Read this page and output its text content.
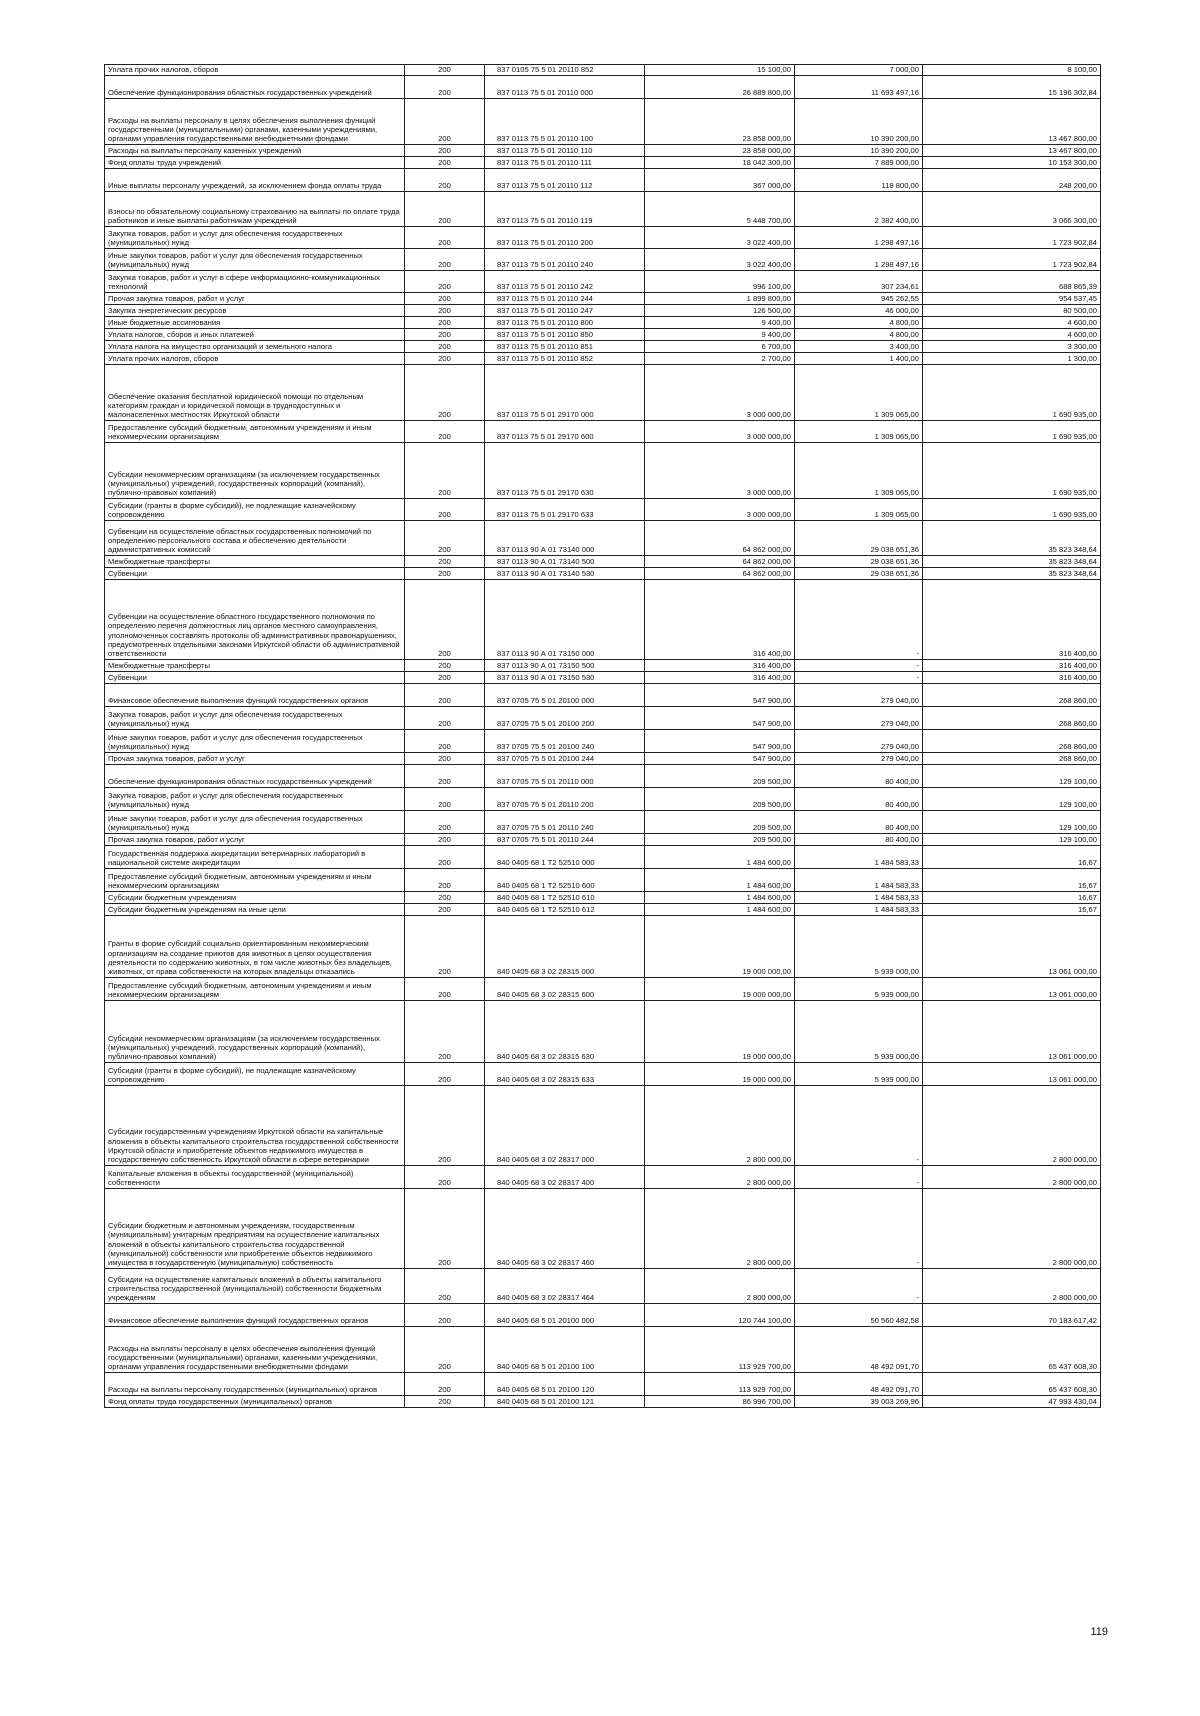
Уплата прочих налогов, сборов	200	837 0105 75 5 01 20110 852	15 100,00	7 000,00	8 100,00
Обеспечение функционирования областных государственных учреждений	200	837 0113 75 5 01 20110 000	26 889 800,00	11 693 497,16	15 196 302,84
Расходы на выплаты персоналу в целях обеспечения выполнения функций государственными (муниципальными) органами, казенными учреждениями, органами управления государственными внебюджетными фондами	200	837 0113 75 5 01 20110 100	23 858 000,00	10 390 200,00	13 467 800,00
Расходы на выплаты персоналу казенных учреждений	200	837 0113 75 5 01 20110 110	23 858 000,00	10 390 200,00	13 467 800,00
Фонд оплаты труда учреждений	200	837 0113 75 5 01 20110 111	18 042 300,00	7 889 000,00	10 153 300,00
Иные выплаты персоналу учреждений, за исключением фонда оплаты труда	200	837 0113 75 5 01 20110 112	367 000,00	118 800,00	248 200,00
Взносы по обязательному социальному страхованию на выплаты по оплате труда работников и иные выплаты работникам учреждений	200	837 0113 75 5 01 20110 119	5 448 700,00	2 382 400,00	3 066 300,00
Закупка товаров, работ и услуг для обеспечения государственных (муниципальных) нужд	200	837 0113 75 5 01 20110 200	3 022 400,00	1 298 497,16	1 723 902,84
Иные закупки товаров, работ и услуг для обеспечения государственных (муниципальных) нужд	200	837 0113 75 5 01 20110 240	3 022 400,00	1 298 497,16	1 723 902,84
Закупка товаров, работ и услуг в сфере информационно-коммуникационных технологий	200	837 0113 75 5 01 20110 242	996 100,00	307 234,61	688 865,39
Прочая закупка товаров, работ и услуг	200	837 0113 75 5 01 20110 244	1 899 800,00	945 262,55	954 537,45
Закупка энергетических ресурсов	200	837 0113 75 5 01 20110 247	126 500,00	46 000,00	80 500,00
Иные бюджетные ассигнования	200	837 0113 75 5 01 20110 800	9 400,00	4 800,00	4 600,00
Уплата налогов, сборов и иных платежей	200	837 0113 75 5 01 20110 850	9 400,00	4 800,00	4 600,00
Уплата налога на имущество организаций и земельного налога	200	837 0113 75 5 01 20110 851	6 700,00	3 400,00	3 300,00
Уплата прочих налогов, сборов	200	837 0113 75 5 01 20110 852	2 700,00	1 400,00	1 300,00
Обеспечение оказания бесплатной юридической помощи по отдельным категориям граждан и юридической помощи в труднодоступных и малонаселенных местностях Иркутской области	200	837 0113 75 5 01 29170 000	3 000 000,00	1 309 065,00	1 690 935,00
Предоставление субсидий бюджетным, автономным учреждениям и иным некоммерческим организациям	200	837 0113 75 5 01 29170 600	3 000 000,00	1 309 065,00	1 690 935,00
Субсидии некоммерческим организациям (за исключением государственных (муниципальных) учреждений, государственных корпораций (компаний), публично-правовых компаний)	200	837 0113 75 5 01 29170 630	3 000 000,00	1 309 065,00	1 690 935,00
Субсидии (гранты в форме субсидий), не подлежащие казначейскому сопровождению	200	837 0113 75 5 01 29170 633	3 000 000,00	1 309 065,00	1 690 935,00
Субвенции на осуществление областных государственных полномочий по определению персонального состава и обеспечению деятельности административных комиссий	200	837 0113 90 А 01 73140 000	64 862 000,00	29 038 651,36	35 823 348,64
Межбюджетные трансферты	200	837 0113 90 А 01 73140 500	64 862 000,00	29 038 651,36	35 823 348,64
Субвенции	200	837 0113 90 А 01 73140 530	64 862 000,00	29 038 651,36	35 823 348,64
Субвенции на осуществление областного государственного полномочия по определению перечня должностных лиц органов местного самоуправления, уполномоченных составлять протоколы об административных правонарушениях, предусмотренных отдельными законами Иркутской области об административной ответственности	200	837 0113 90 А 01 73150 000	316 400,00	-	316 400,00
Межбюджетные трансферты	200	837 0113 90 А 01 73150 500	316 400,00	-	316 400,00
Субвенции	200	837 0113 90 А 01 73150 530	316 400,00	-	316 400,00
Финансовое обеспечение выполнения функций государственных органов	200	837 0705 75 5 01 20100 000	547 900,00	279 040,00	268 860,00
Закупка товаров, работ и услуг для обеспечения государственных (муниципальных) нужд	200	837 0705 75 5 01 20100 200	547 900,00	279 040,00	268 860,00
Иные закупки товаров, работ и услуг для обеспечения государственных (муниципальных) нужд	200	837 0705 75 5 01 20100 240	547 900,00	279 040,00	268 860,00
Прочая закупка товаров, работ и услуг	200	837 0705 75 5 01 20100 244	547 900,00	279 040,00	268 860,00
Обеспечение функционирования областных государственных учреждений	200	837 0705 75 5 01 20110 000	209 500,00	80 400,00	129 100,00
Закупка товаров, работ и услуг для обеспечения государственных (муниципальных) нужд	200	837 0705 75 5 01 20110 200	209 500,00	80 400,00	129 100,00
Иные закупки товаров, работ и услуг для обеспечения государственных (муниципальных) нужд	200	837 0705 75 5 01 20110 240	209 500,00	80 400,00	129 100,00
Прочая закупка товаров, работ и услуг	200	837 0705 75 5 01 20110 244	209 500,00	80 400,00	129 100,00
Государственная поддержка аккредитации ветеринарных лабораторий в национальной системе аккредитации	200	840 0405 68 1 Т2 52510 000	1 484 600,00	1 484 583,33	16,67
Предоставление субсидий бюджетным, автономным учреждениям и иным некоммерческим организациям	200	840 0405 68 1 Т2 52510 600	1 484 600,00	1 484 583,33	16,67
Субсидии бюджетным учреждениям	200	840 0405 68 1 Т2 52510 610	1 484 600,00	1 484 583,33	16,67
Субсидии бюджетным учреждениям на иные цели	200	840 0405 68 1 Т2 52510 612	1 484 600,00	1 484 583,33	16,67
Гранты в форме субсидий социально ориентированным некоммерческим организациям на создание приютов для животных в целях осуществления деятельности по содержанию животных, в том числе животных без владельцев, животных, от права собственности на которых владельцы отказались	200	840 0405 68 3 02 28315 000	19 000 000,00	5 939 000,00	13 061 000,00
Предоставление субсидий бюджетным, автономным учреждениям и иным некоммерческим организациям	200	840 0405 68 3 02 28315 600	19 000 000,00	5 939 000,00	13 061 000,00
Субсидии некоммерческим организациям (за исключением государственных (муниципальных) учреждений, государственных корпораций (компаний), публично-правовых компаний)	200	840 0405 68 3 02 28315 630	19 000 000,00	5 939 000,00	13 061 000,00
Субсидии (гранты в форме субсидий), не подлежащие казначейскому сопровождению	200	840 0405 68 3 02 28315 633	19 000 000,00	5 939 000,00	13 061 000,00
Субсидии государственным учреждениям Иркутской области на капитальные вложения в объекты капитального строительства государственной собственности Иркутской области и приобретение объектов недвижимого имущества в государственную собственность Иркутской области в сфере ветеринарии	200	840 0405 68 3 02 28317 000	2 800 000,00	-	2 800 000,00
Капитальные вложения в объекты государственной (муниципальной) собственности	200	840 0405 68 3 02 28317 400	2 800 000,00	-	2 800 000,00
Субсидии бюджетным и автономным учреждениям, государственным (муниципальным) унитарным предприятиям на осуществление капитальных вложений в объекты капитального строительства государственной (муниципальной) собственности или приобретение объектов недвижимого имущества в государственную (муниципальную) собственность	200	840 0405 68 3 02 28317 460	2 800 000,00	-	2 800 000,00
Субсидии на осуществление капитальных вложений в объекты капитального строительства государственной (муниципальной) собственности бюджетным учреждениям	200	840 0405 68 3 02 28317 464	2 800 000,00	-	2 800 000,00
Финансовое обеспечение выполнения функций государственных органов	200	840 0405 68 5 01 20100 000	120 744 100,00	50 560 482,58	70 183 617,42
Расходы на выплаты персоналу в целях обеспечения выполнения функций государственными (муниципальными) органами, казенными учреждениями, органами управления государственными внебюджетными фондами	200	840 0405 68 5 01 20100 100	113 929 700,00	48 492 091,70	65 437 608,30
Расходы на выплаты персоналу государственных (муниципальных) органов	200	840 0405 68 5 01 20100 120	113 929 700,00	48 492 091,70	65 437 608,30
Фонд оплаты труда государственных (муниципальных) органов	200	840 0405 68 5 01 20100 121	86 996 700,00	39 003 269,96	47 993 430,04
119
